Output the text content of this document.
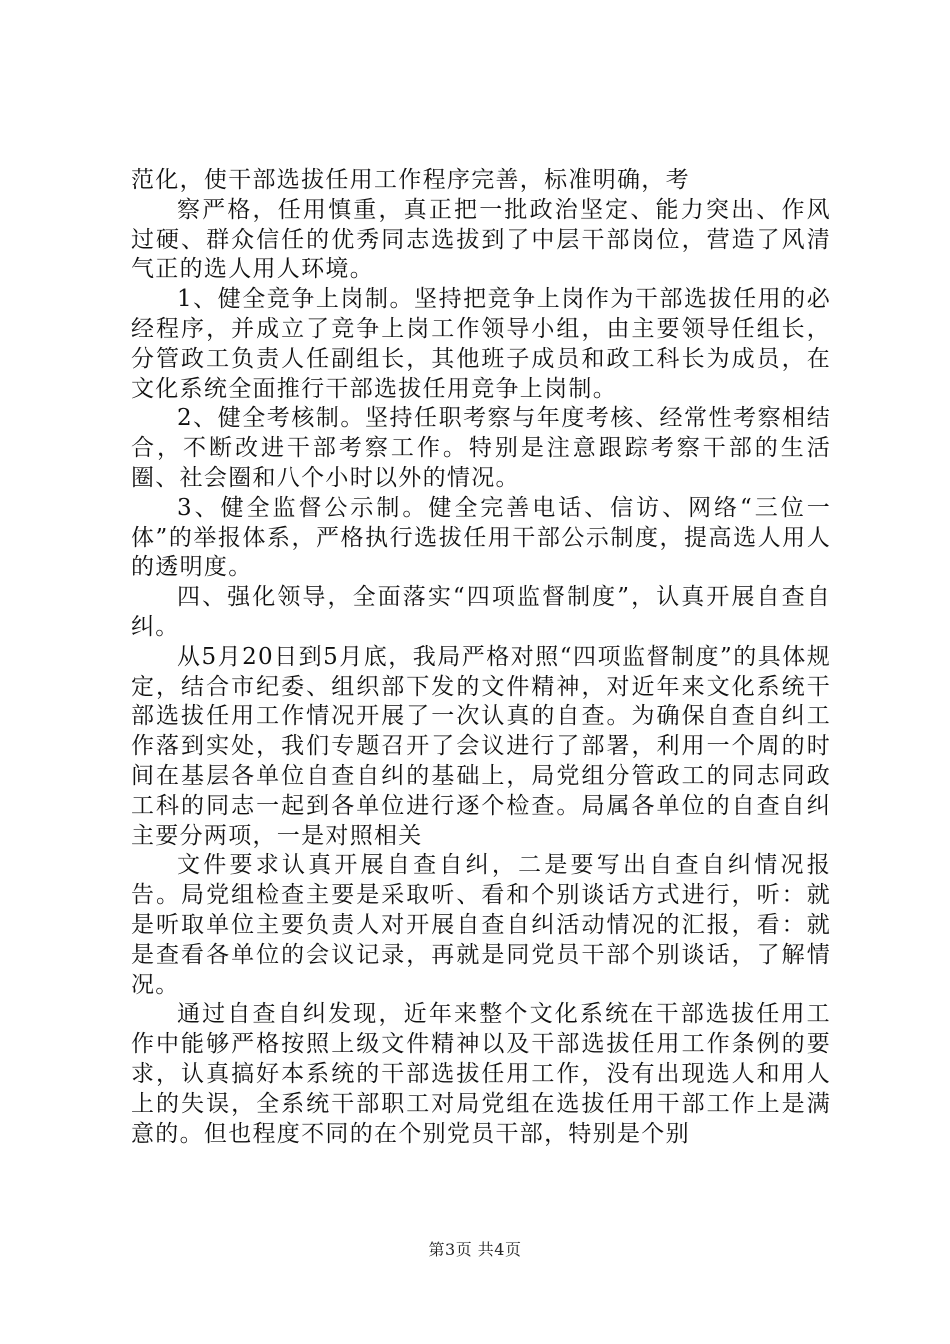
范化，使干部选拔任用工作程序完善，标准明确，考

察严格，任用慎重，真正把一批政治坚定、能力突出、作风过硬、群众信任的优秀同志选拔到了中层干部岗位，营造了风清气正的选人用人环境。

1、健全竞争上岗制。坚持把竞争上岗作为干部选拔任用的必经程序，并成立了竞争上岗工作领导小组，由主要领导任组长，分管政工负责人任副组长，其他班子成员和政工科长为成员，在文化系统全面推行干部选拔任用竞争上岗制。

2、健全考核制。坚持任职考察与年度考核、经常性考察相结合，不断改进干部考察工作。特别是注意跟踪考察干部的生活圈、社会圈和八个小时以外的情况。

3、健全监督公示制。健全完善电话、信访、网络“三位一体”的举报体系，严格执行选拔任用干部公示制度，提高选人用人的透明度。

四、强化领导，全面落实“四项监督制度”，认真开展自查自纠。

从5月20日到5月底，我局严格对照“四项监督制度”的具体规定，结合市纪委、组织部下发的文件精神，对近年来文化系统干部选拔任用工作情况开展了一次认真的自查。为确保自查自纠工作落到实处，我们专题召开了会议进行了部署，利用一个周的时间在基层各单位自查自纠的基础上，局党组分管政工的同志同政工科的同志一起到各单位进行逐个检查。局属各单位的自查自纠主要分两项，一是对照相关

文件要求认真开展自查自纠，二是要写出自查自纠情况报告。局党组检查主要是采取听、看和个别谈话方式进行，听：就是听取单位主要负责人对开展自查自纠活动情况的汇报，看：就是查看各单位的会议记录，再就是同党员干部个别谈话，了解情况。

通过自查自纠发现，近年来整个文化系统在干部选拔任用工作中能够严格按照上级文件精神以及干部选拔任用工作条例的要求，认真搞好本系统的干部选拔任用工作，没有出现选人和用人上的失误，全系统干部职工对局党组在选拔任用干部工作上是满意的。但也程度不同的在个别党员干部，特别是个别

第3页 共4页
